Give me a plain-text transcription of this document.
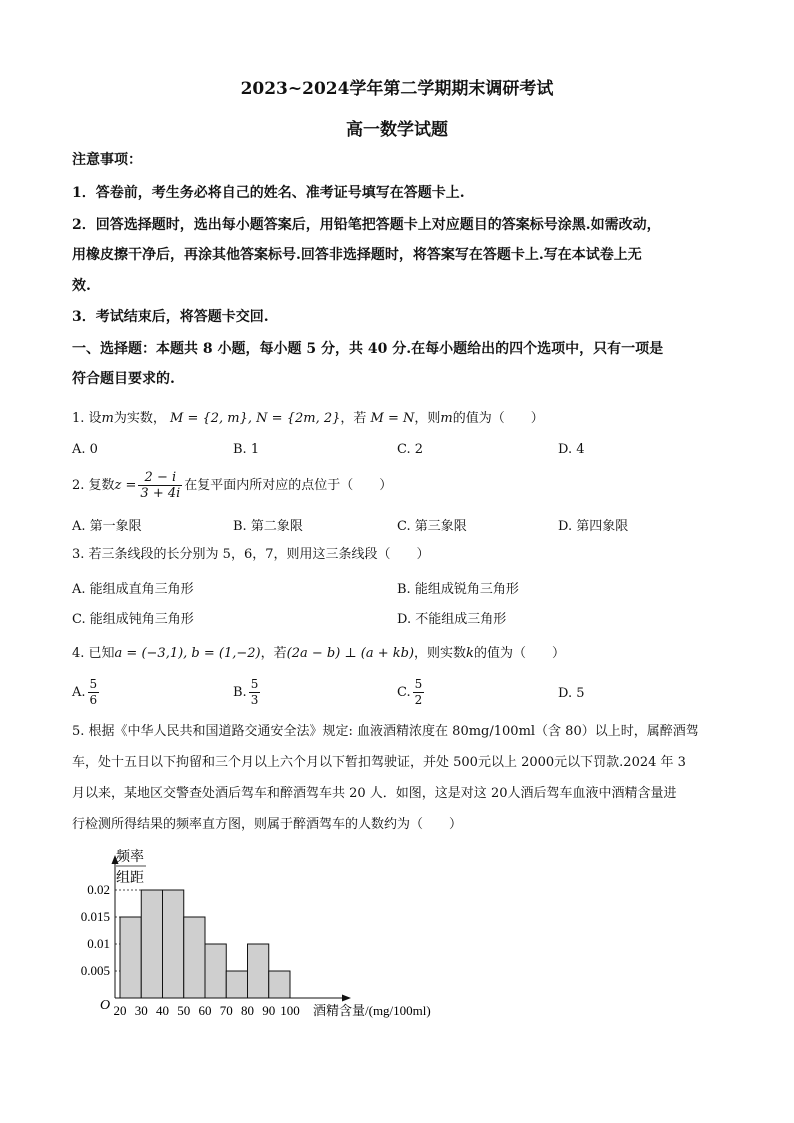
2023~2024学年第二学期期末调研考试
高一数学试题
注意事项：
1．答卷前，考生务必将自己的姓名、准考证号填写在答题卡上.
2．回答选择题时，选出每小题答案后，用铅笔把答题卡上对应题目的答案标号涂黑.如需改动，
用橡皮擦干净后，再涂其他答案标号.回答非选择题时，将答案写在答题卡上.写在本试卷上无
效.
3．考试结束后，将答题卡交回.
一、选择题：本题共 8 小题，每小题 5 分，共 40 分.在每小题给出的四个选项中，只有一项是
符合题目要求的.
1. 设m为实数， M = {2, m}, N = {2m, 2}，若 M = N，则m的值为（　　）
A. 0	B. 1	C. 2	D. 4
2. 复数$z = \frac{2 - i}{3 + 4i}$ 在复平面内所对应的点位于（　　）
A. 第一象限	B. 第二象限	C. 第三象限	D. 第四象限
3. 若三条线段的长分别为 5，6，7，则用这三条线段（　　）
A. 能组成直角三角形	B. 能组成锐角三角形
C. 能组成钝角三角形	D. 不能组成三角形
4. 已知a = (−3,1), b = (1,−2)，若(2a − b) ⊥ (a + kb)，则实数k的值为（　　）
A. $\frac{5}{6}$	B. $\frac{5}{3}$	C. $\frac{5}{2}$	D. 5
5. 根据《中华人民共和国道路交通安全法》规定: 血液酒精浓度在 80mg/100ml（含 80）以上时，属醉酒驾
车，处十五日以下拘留和三个月以上六个月以下暂扣驾驶证，并处 500元以上 2000元以下罚款.2024 年 3
月以来，某地区交警查处酒后驾车和醉酒驾车共 20 人．如图，这是对这 20人酒后驾车血液中酒精含量进
行检测所得结果的频率直方图，则属于醉酒驾车的人数约为（　　）
0.005
0.01
0.015
0.02
20 30 40 50 60 70 80 90 100
频率
组距
O	酒精含量/(mg/100ml)
